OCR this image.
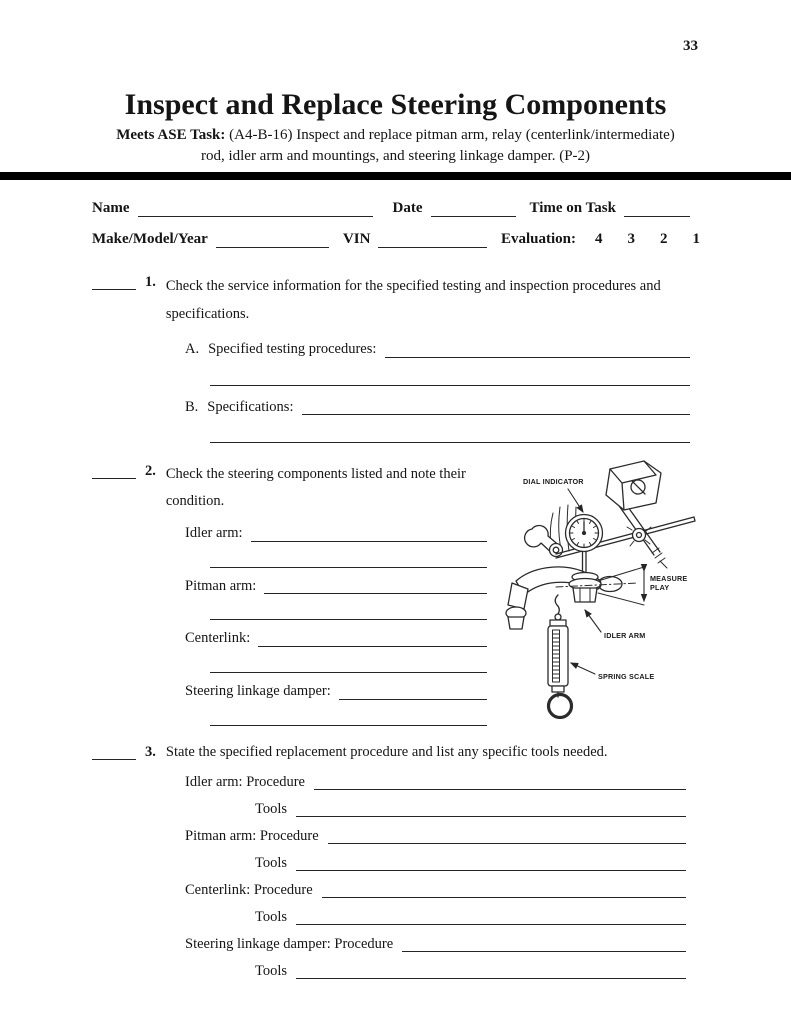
33
Inspect and Replace Steering Components
Meets ASE Task: (A4-B-16) Inspect and replace pitman arm, relay (centerlink/intermediate)
rod, idler arm and mountings, and steering linkage damper. (P-2)
Name	Date	Time on Task
Make/Model/Year	VIN	Evaluation: 4 3 2 1
1. Check the service information for the specified testing and inspection procedures and specifications.
A. Specified testing procedures:
B. Specifications:
2. Check the steering components listed and note their condition.
Idler arm:
Pitman arm:
Centerlink:
Steering linkage damper:
DIAL INDICATOR
MEASURE
PLAY
IDLER ARM
SPRING SCALE
3. State the specified replacement procedure and list any specific tools needed.
Idler arm: Procedure
Tools
Pitman arm: Procedure
Tools
Centerlink: Procedure
Tools
Steering linkage damper: Procedure
Tools
